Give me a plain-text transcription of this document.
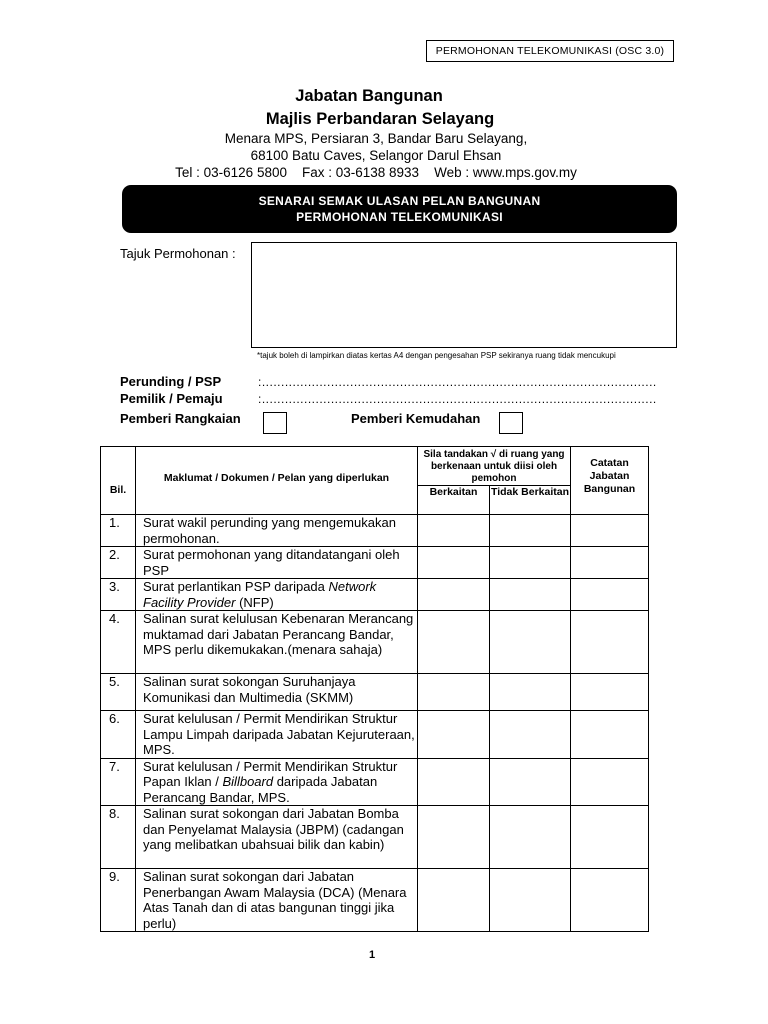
PERMOHONAN TELEKOMUNIKASI (OSC 3.0)
Jabatan Bangunan
Majlis Perbandaran Selayang
Menara MPS, Persiaran 3, Bandar Baru Selayang,
68100 Batu Caves, Selangor Darul Ehsan
Tel : 03-6126 5800    Fax : 03-6138 8933    Web : www.mps.gov.my
SENARAI SEMAK ULASAN PELAN BANGUNAN
PERMOHONAN TELEKOMUNIKASI
Tajuk Permohonan :
*tajuk boleh di lampirkan diatas kertas A4 dengan pengesahan PSP sekiranya ruang tidak mencukupi
Perunding / PSP	:.......................................................................................................
Pemilik / Pemaju	:.......................................................................................................
Pemberi Rangkaian	Pemberi Kemudahan
Bil.	Maklumat / Dokumen / Pelan yang diperlukan	Sila tandakan √ di ruang yang berkenaan untuk diisi oleh pemohon		Catatan Jabatan Bangunan
		Berkaitan	Tidak Berkaitan	
1.	Surat wakil perunding yang mengemukakan permohonan.			
2.	Surat permohonan yang ditandatangani oleh PSP			
3.	Surat perlantikan PSP daripada Network Facility Provider (NFP)			
4.	Salinan surat kelulusan Kebenaran Merancang muktamad dari Jabatan Perancang Bandar, MPS perlu dikemukakan.(menara sahaja)			
5.	Salinan surat sokongan Suruhanjaya Komunikasi dan Multimedia (SKMM)			
6.	Surat kelulusan / Permit Mendirikan Struktur Lampu Limpah daripada Jabatan Kejuruteraan, MPS.			
7.	Surat kelulusan / Permit Mendirikan Struktur Papan Iklan / Billboard daripada Jabatan Perancang Bandar, MPS.			
8.	Salinan surat sokongan dari Jabatan Bomba dan Penyelamat Malaysia (JBPM) (cadangan yang melibatkan ubahsuai bilik dan kabin)			
9.	Salinan surat sokongan dari Jabatan Penerbangan Awam Malaysia (DCA) (Menara Atas Tanah dan di atas bangunan tinggi jika perlu)			
1
